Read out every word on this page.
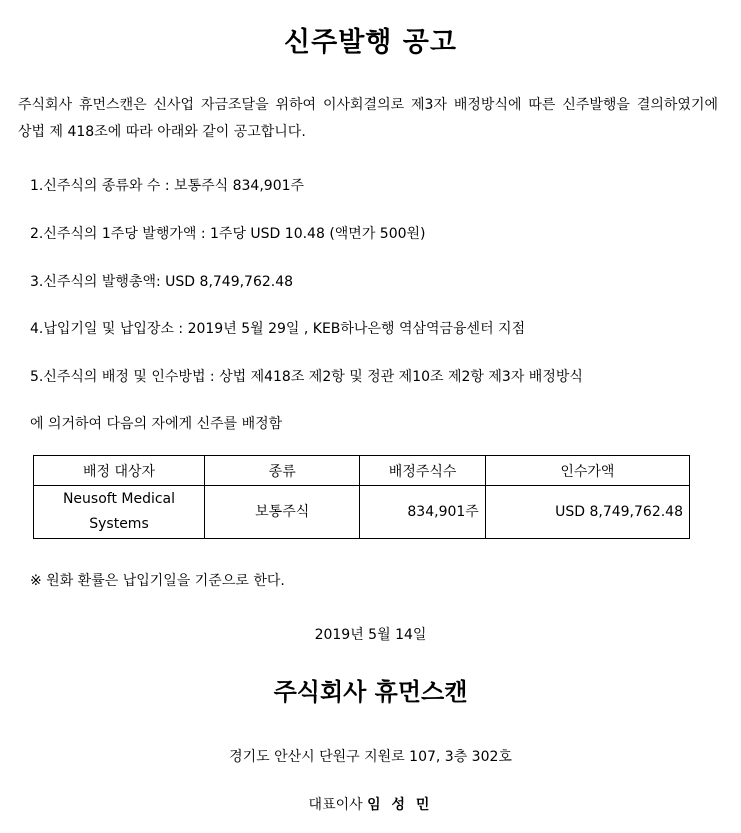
신주발행 공고
주식회사 휴먼스캔은 신사업 자금조달을 위하여 이사회결의로 제3자 배정방식에 따른 신주발행을 결의하였기에 상법 제 418조에 따라 아래와 같이 공고합니다.
1.신주식의 종류와 수 : 보통주식 834,901주
2.신주식의 1주당 발행가액 : 1주당 USD 10.48 (액면가 500원)
3.신주식의 발행총액: USD 8,749,762.48
4.납입기일 및 납입장소 : 2019년 5월 29일 , KEB하나은행 역삼역금융센터 지점
5.신주식의 배정 및 인수방법 : 상법 제418조 제2항 및 정관 제10조 제2항 제3자 배정방식
에 의거하여 다음의 자에게 신주를 배정함
배정 대상자	종류	배정주식수	인수가액
Neusoft Medical
Systems	보통주식	834,901주	USD 8,749,762.48
※ 원화 환률은 납입기일을 기준으로 한다.
2019년 5월 14일
주식회사 휴먼스캔
경기도 안산시 단원구 지원로 107, 3층 302호
대표이사 임 성 민
